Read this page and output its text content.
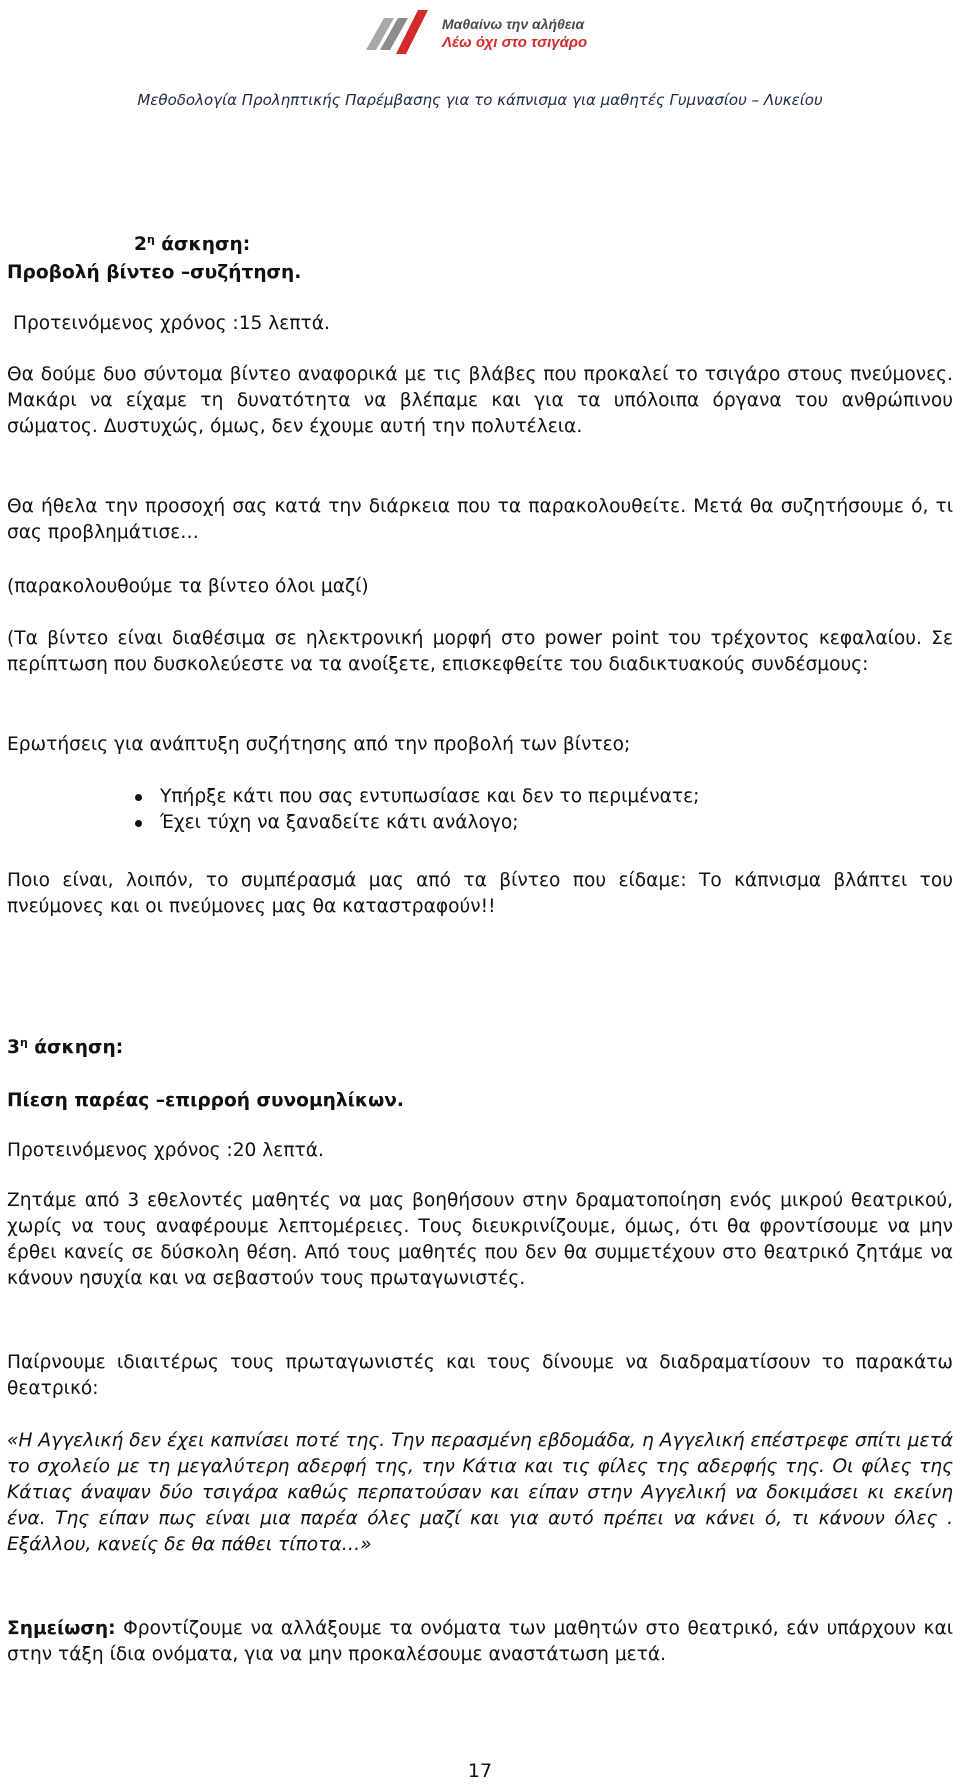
Μαθαίνω την αλήθεια
Λέω όχι στο τσιγάρο
Μεθοδολογία Προληπτικής Παρέμβασης για το κάπνισμα για μαθητές Γυμνασίου – Λυκείου
$2^\eta$ άσκηση:
Προβολή βίντεο –συζήτηση.
Προτεινόμενος χρόνος :15 λεπτά.
Θα δούμε δυο σύντομα βίντεο αναφορικά με τις βλάβες που προκαλεί το τσιγάρο στους πνεύμονες. Μακάρι να είχαμε τη δυνατότητα να βλέπαμε και για τα υπόλοιπα όργανα του ανθρώπινου σώματος. Δυστυχώς, όμως, δεν έχουμε αυτή την πολυτέλεια.
Θα ήθελα την προσοχή σας κατά την διάρκεια που τα παρακολουθείτε. Μετά θα συζητήσουμε ό, τι σας προβλημάτισε…
(παρακολουθούμε τα βίντεο όλοι μαζί)
(Τα βίντεο είναι διαθέσιμα σε ηλεκτρονική μορφή στο power point του τρέχοντος κεφαλαίου. Σε περίπτωση που δυσκολεύεστε να τα ανοίξετε, επισκεφθείτε του διαδικτυακούς συνδέσμους:
Ερωτήσεις για ανάπτυξη συζήτησης από την προβολή των βίντεο;
Υπήρξε κάτι που σας εντυπωσίασε και δεν το περιμένατε;
Έχει τύχη να ξαναδείτε κάτι ανάλογο;
Ποιο είναι, λοιπόν, το συμπέρασμά μας από τα βίντεο που είδαμε: Το κάπνισμα βλάπτει του πνεύμονες και οι πνεύμονες μας θα καταστραφούν!!
$3^\eta$ άσκηση:
Πίεση παρέας –επιρροή συνομηλίκων.
Προτεινόμενος χρόνος :20 λεπτά.
Ζητάμε από 3 εθελοντές μαθητές να μας βοηθήσουν στην δραματοποίηση ενός μικρού θεατρικού, χωρίς να τους αναφέρουμε λεπτομέρειες. Τους διευκρινίζουμε, όμως, ότι θα φροντίσουμε να μην έρθει κανείς σε δύσκολη θέση. Από τους μαθητές που δεν θα συμμετέχουν στο θεατρικό ζητάμε να κάνουν ησυχία και να σεβαστούν τους πρωταγωνιστές.
Παίρνουμε ιδιαιτέρως τους πρωταγωνιστές και τους δίνουμε να διαδραματίσουν το παρακάτω θεατρικό:
«Η Αγγελική δεν έχει καπνίσει ποτέ της. Την περασμένη εβδομάδα, η Αγγελική επέστρεφε σπίτι μετά το σχολείο με τη μεγαλύτερη αδερφή της, την Κάτια και τις φίλες της αδερφής της. Οι φίλες της Κάτιας άναψαν δύο τσιγάρα καθώς περπατούσαν και είπαν στην Αγγελική να δοκιμάσει κι εκείνη ένα. Της είπαν πως είναι μια παρέα όλες μαζί και για αυτό πρέπει να κάνει ό, τι κάνουν όλες . Εξάλλου, κανείς δε θα πάθει τίποτα…»
Σημείωση: Φροντίζουμε να αλλάξουμε τα ονόματα των μαθητών στο θεατρικό, εάν υπάρχουν και στην τάξη ίδια ονόματα, για να μην προκαλέσουμε αναστάτωση μετά.
17
